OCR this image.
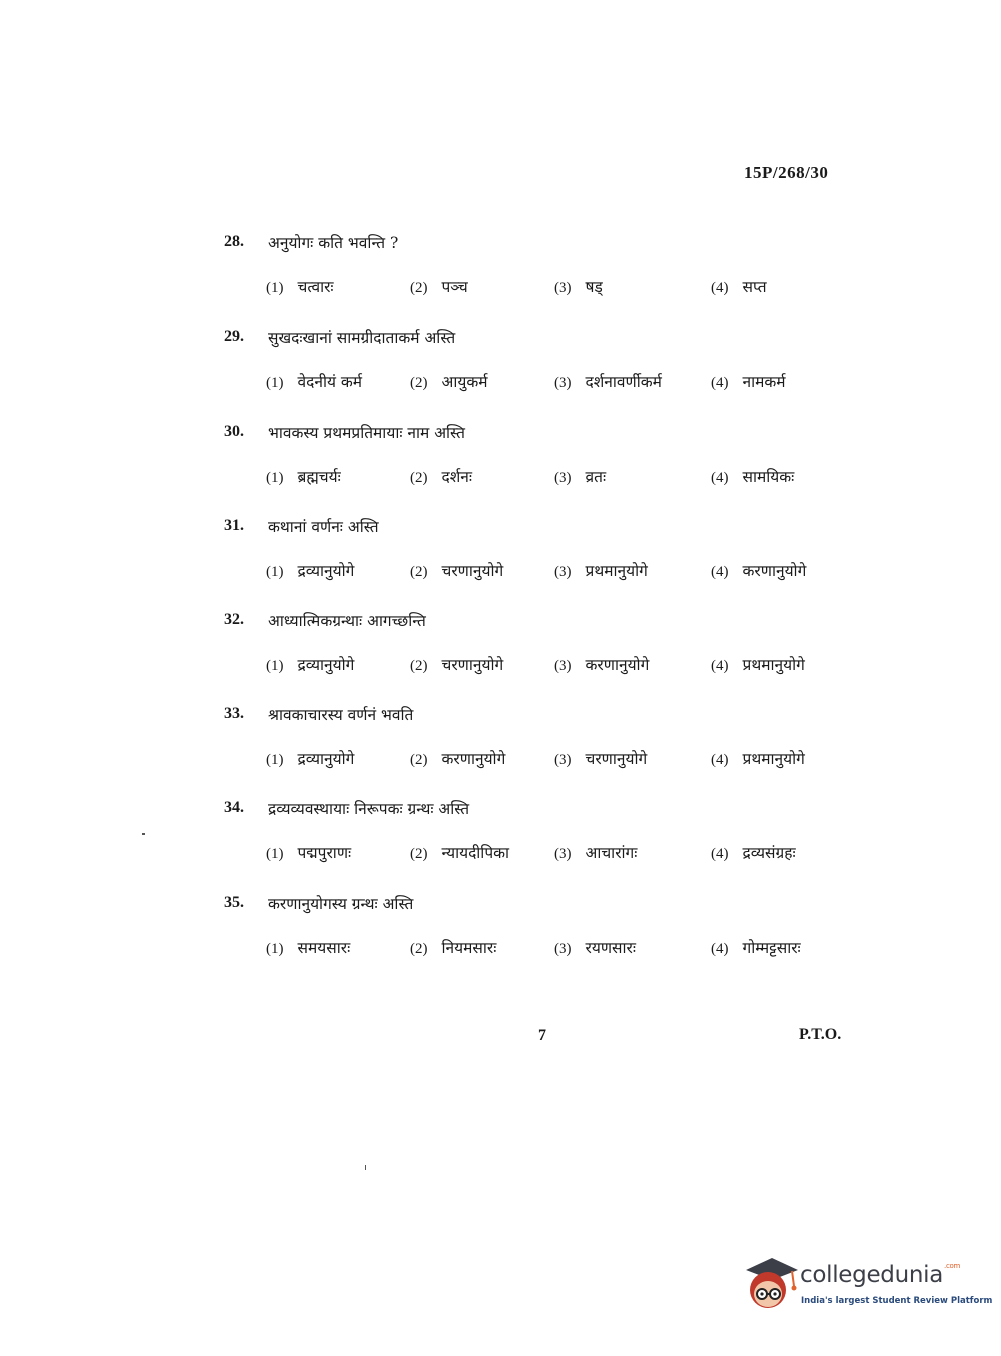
15P/268/30
28. अनुयोगः कति भवन्ति ?
(1) चत्वारः	(2) पञ्च	(3) षड्	(4) सप्त
29. सुखदःखानां सामग्रीदाताकर्म अस्ति
(1) वेदनीयं कर्म	(2) आयुकर्म	(3) दर्शनावर्णीकर्म	(4) नामकर्म
30. भावकस्य प्रथमप्रतिमायाः नाम अस्ति
(1) ब्रह्मचर्यः	(2) दर्शनः	(3) व्रतः	(4) सामयिकः
31. कथानां वर्णनः अस्ति
(1) द्रव्यानुयोगे	(2) चरणानुयोगे	(3) प्रथमानुयोगे	(4) करणानुयोगे
32. आध्यात्मिकग्रन्थाः आगच्छन्ति
(1) द्रव्यानुयोगे	(2) चरणानुयोगे	(3) करणानुयोगे	(4) प्रथमानुयोगे
33. श्रावकाचारस्य वर्णनं भवति
(1) द्रव्यानुयोगे	(2) करणानुयोगे	(3) चरणानुयोगे	(4) प्रथमानुयोगे
34. द्रव्यव्यवस्थायाः निरूपकः ग्रन्थः अस्ति
(1) पद्मपुराणः	(2) न्यायदीपिका	(3) आचारांगः	(4) द्रव्यसंग्रहः
35. करणानुयोगस्य ग्रन्थः अस्ति
(1) समयसारः	(2) नियमसारः	(3) रयणसारः	(4) गोम्मट्टसारः
7	P.T.O.
collegedunia$^{.com}$
India's largest Student Review Platform
